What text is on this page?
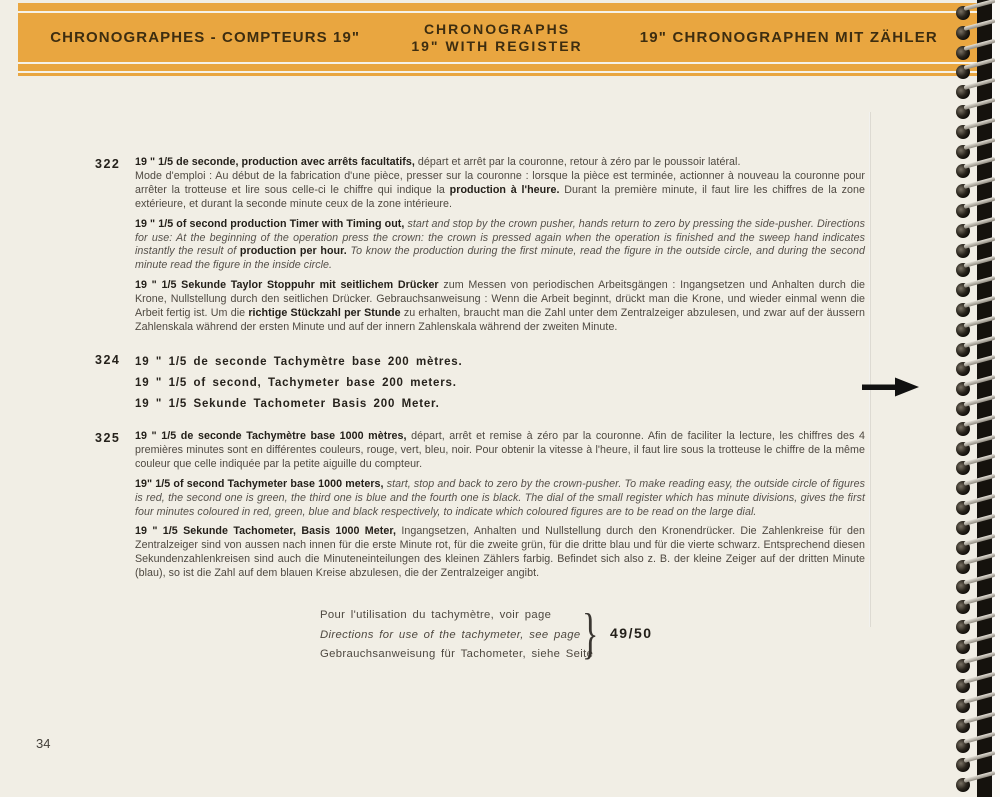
CHRONOGRAPHES - COMPTEURS 19"
CHRONOGRAPHS
19" WITH REGISTER	19" CHRONOGRAPHEN MIT ZÄHLER
322	19 " 1/5 de seconde, production avec arrêts facultatifs, départ et arrêt par la couronne, retour à zéro par le poussoir latéral.
Mode d'emploi : Au début de la fabrication d'une pièce, presser sur la couronne : lorsque la pièce est terminée, actionner à nouveau la couronne pour arrêter la trotteuse et lire sous celle-ci le chiffre qui indique la production à l'heure. Durant la première minute, il faut lire les chiffres de la zone extérieure, et durant la seconde minute ceux de la zone intérieure.
19 " 1/5 of second production Timer with Timing out, start and stop by the crown pusher, hands return to zero by pressing the side-pusher. Directions for use: At the beginning of the operation press the crown: the crown is pressed again when the operation is finished and the sweep hand indicates instantly the result of production per hour. To know the production during the first minute, read the figure in the outside circle, and during the second minute read the figure in the inside circle.
19 " 1/5 Sekunde Taylor Stoppuhr mit seitlichem Drücker zum Messen von periodischen Arbeitsgängen : Ingangsetzen und Anhalten durch die Krone, Nullstellung durch den seitlichen Drücker. Gebrauchsanweisung : Wenn die Arbeit beginnt, drückt man die Krone, und wieder einmal wenn die Arbeit fertig ist. Um die richtige Stückzahl per Stunde zu erhalten, braucht man die Zahl unter dem Zentralzeiger abzulesen, und zwar auf der äussern Zahlenskala während der ersten Minute und auf der innern Zahlenskala während der zweiten Minute.
324	19 " 1/5 de seconde Tachymètre base 200 mètres.
19 " 1/5 of second, Tachymeter base 200 meters.
19 " 1/5 Sekunde Tachometer Basis 200 Meter.
325	19 " 1/5 de seconde Tachymètre base 1000 mètres, départ, arrêt et remise à zéro par la couronne. Afin de faciliter la lecture, les chiffres des 4 premières minutes sont en différentes couleurs, rouge, vert, bleu, noir. Pour obtenir la vitesse à l'heure, il faut lire sous la trotteuse le chiffre de la même couleur que celle indiquée par la petite aiguille du compteur.
19" 1/5 of second Tachymeter base 1000 meters, start, stop and back to zero by the crown-pusher. To make reading easy, the outside circle of figures is red, the second one is green, the third one is blue and the fourth one is black. The dial of the small register which has minute divisions, gives the first four minutes coloured in red, green, blue and black respectively, to indicate which coloured figures are to be read on the large dial.
19 " 1/5 Sekunde Tachometer, Basis 1000 Meter, Ingangsetzen, Anhalten und Nullstellung durch den Kronendrücker. Die Zahlenkreise für den Zentralzeiger sind von aussen nach innen für die erste Minute rot, für die zweite grün, für die dritte blau und für die vierte schwarz. Entsprechend diesen Sekundenzahlenkreisen sind auch die Minuteneinteilungen des kleinen Zählers farbig. Befindet sich also z. B. der kleine Zeiger auf der dritten Minute (blau), so ist die Zahl auf dem blauen Kreise abzulesen, die der Zentralzeiger angibt.
Pour l'utilisation du tachymètre, voir page
Directions for use of the tachymeter, see page
Gebrauchsanweisung für Tachometer, siehe Seite
} 49/50
34
